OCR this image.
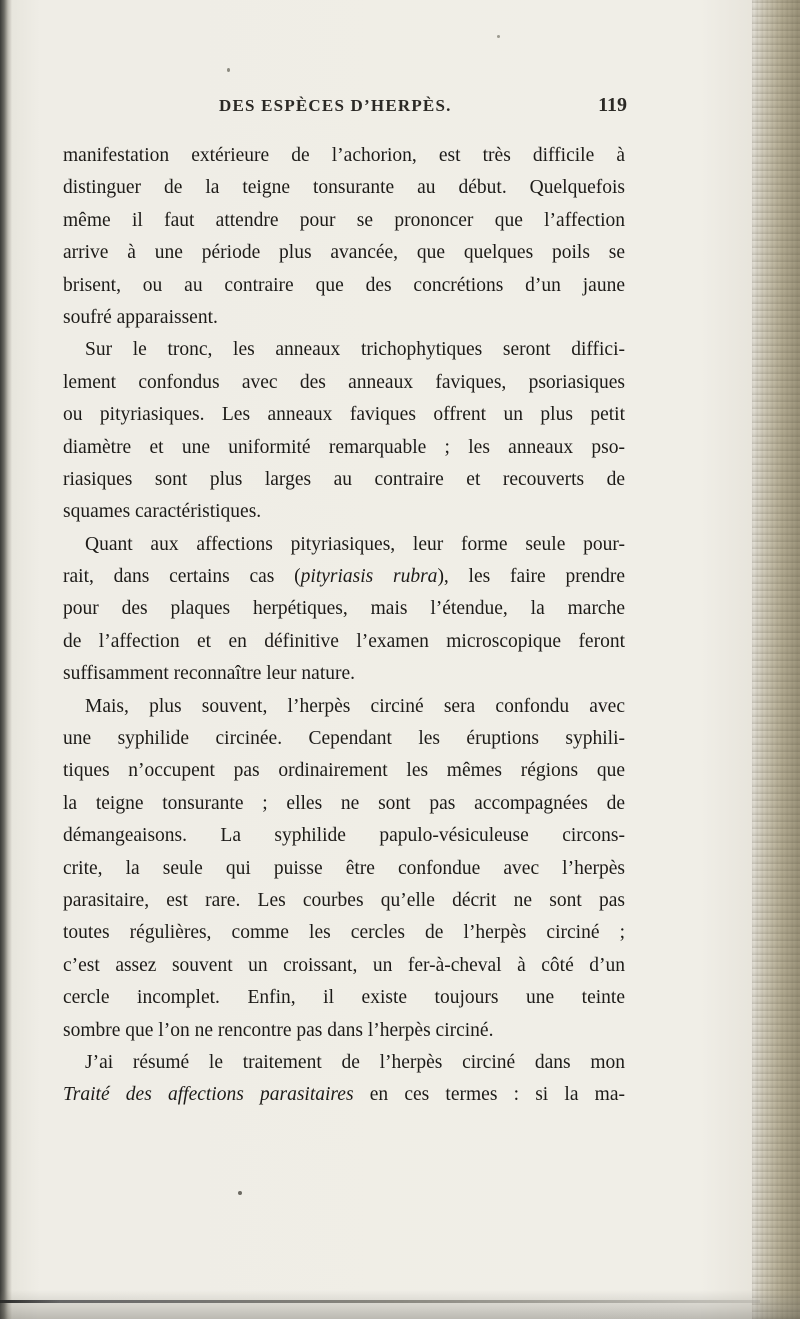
DES ESPÈCES D’HERPÈS.	119
manifestation extérieure de l’achorion, est très difficile à
distinguer de la teigne tonsurante au début. Quelquefois
même il faut attendre pour se prononcer que l’affection
arrive à une période plus avancée, que quelques poils se
brisent, ou au contraire que des concrétions d’un jaune
soufré apparaissent.
Sur le tronc, les anneaux trichophytiques seront diffici-
lement confondus avec des anneaux faviques, psoriasiques
ou pityriasiques. Les anneaux faviques offrent un plus petit
diamètre et une uniformité remarquable ; les anneaux pso-
riasiques sont plus larges au contraire et recouverts de
squames caractéristiques.
Quant aux affections pityriasiques, leur forme seule pour-
rait, dans certains cas (pityriasis rubra), les faire prendre
pour des plaques herpétiques, mais l’étendue, la marche
de l’affection et en définitive l’examen microscopique feront
suffisamment reconnaître leur nature.
Mais, plus souvent, l’herpès circiné sera confondu avec
une syphilide circinée. Cependant les éruptions syphili-
tiques n’occupent pas ordinairement les mêmes régions que
la teigne tonsurante ; elles ne sont pas accompagnées de
démangeaisons. La syphilide papulo-vésiculeuse circons-
crite, la seule qui puisse être confondue avec l’herpès
parasitaire, est rare. Les courbes qu’elle décrit ne sont pas
toutes régulières, comme les cercles de l’herpès circiné ;
c’est assez souvent un croissant, un fer-à-cheval à côté d’un
cercle incomplet. Enfin, il existe toujours une teinte
sombre que l’on ne rencontre pas dans l’herpès circiné.
J’ai résumé le traitement de l’herpès circiné dans mon
Traité des affections parasitaires en ces termes : si la ma-
